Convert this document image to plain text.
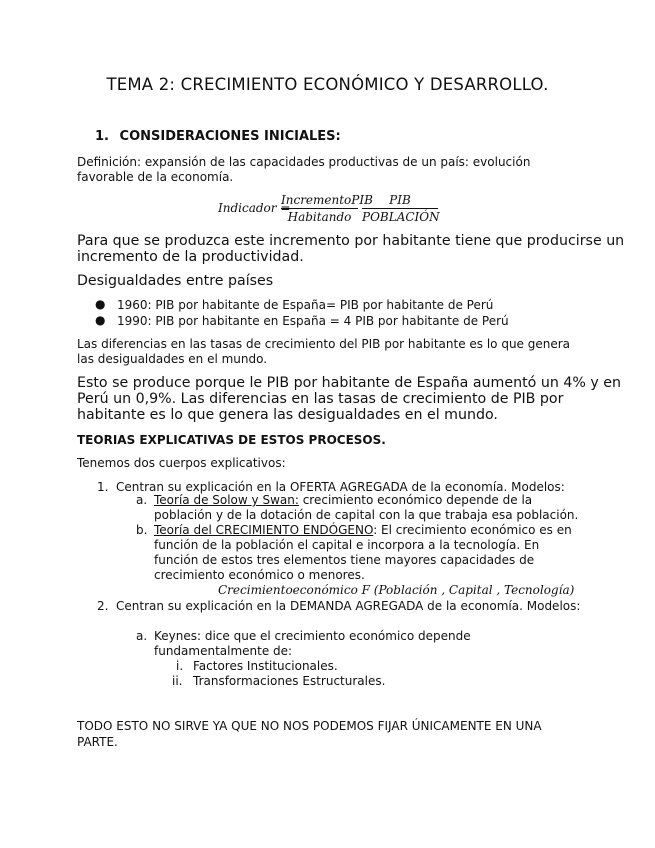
TEMA 2: CRECIMIENTO ECONÓMICO Y DESARROLLO.
1. CONSIDERACIONES INICIALES:
Definición: expansión de las capacidades productivas de un país: evolución
favorable de la economía.
Indicador =
IncrementoPIB
Habitando
PIB
POBLACIÓN
Para que se produzca este incremento por habitante tiene que producirse un
incremento de la productividad.
Desigualdades entre países
● 1960: PIB por habitante de España= PIB por habitante de Perú
● 1990: PIB por habitante en España = 4 PIB por habitante de Perú
Las diferencias en las tasas de crecimiento del PIB por habitante es lo que genera
las desigualdades en el mundo.
Esto se produce porque le PIB por habitante de España aumentó un 4% y en
Perú un 0,9%. Las diferencias en las tasas de crecimiento de PIB por
habitante es lo que genera las desigualdades en el mundo.
TEORIAS EXPLICATIVAS DE ESTOS PROCESOS.
Tenemos dos cuerpos explicativos:
1. Centran su explicación en la OFERTA AGREGADA de la economía. Modelos:
a. Teoría de Solow y Swan: crecimiento económico depende de la
población y de la dotación de capital con la que trabaja esa población.
b. Teoría del CRECIMIENTO ENDÓGENO: El crecimiento económico es en
función de la población el capital e incorpora a la tecnología. En
función de estos tres elementos tiene mayores capacidades de
crecimiento económico o menores.
Crecimientoeconómico F (Población , Capital , Tecnología)
2. Centran su explicación en la DEMANDA AGREGADA de la economía. Modelos:
a. Keynes: dice que el crecimiento económico depende
fundamentalmente de:
i. Factores Institucionales.
ii. Transformaciones Estructurales.
TODO ESTO NO SIRVE YA QUE NO NOS PODEMOS FIJAR ÚNICAMENTE EN UNA
PARTE.
